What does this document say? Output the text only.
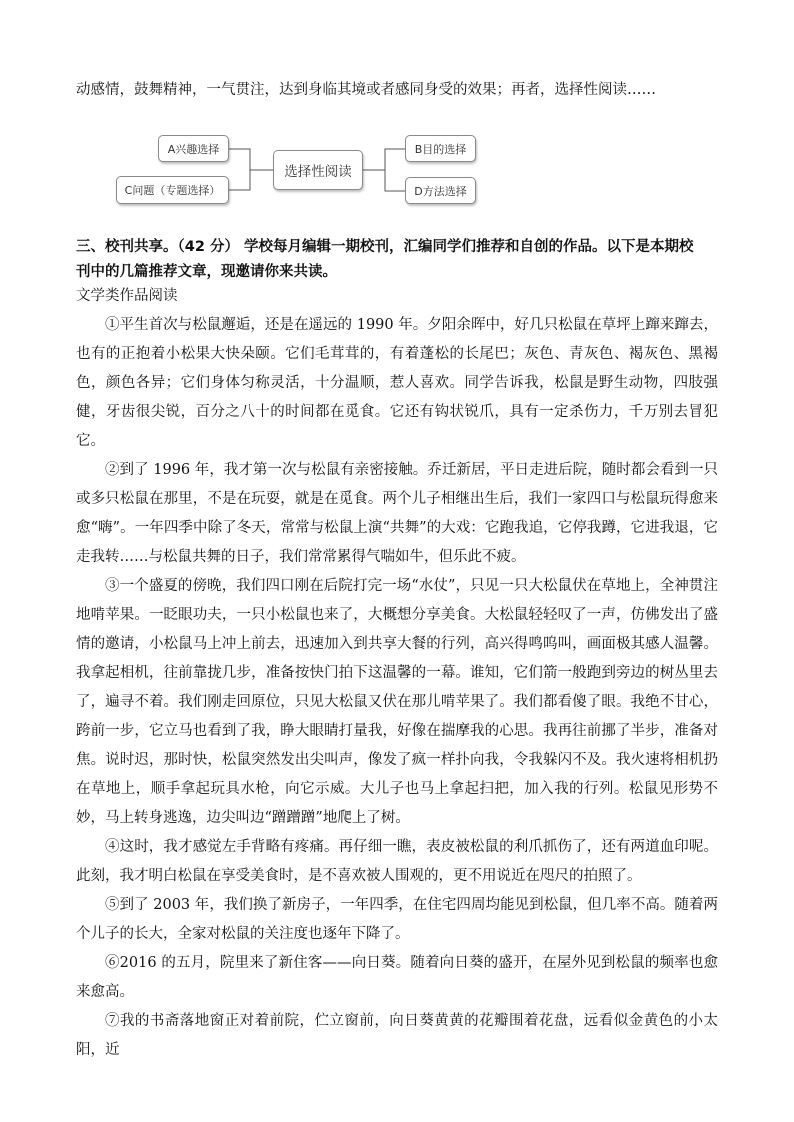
A兴趣选择
C问题（专题选择）
选择性阅读
B目的选择
D方法选择
动感情，鼓舞精神，一气贯注，达到身临其境或者感同身受的效果；再者，选择性阅读……

三、校刊共享。（42 分） 学校每月编辑一期校刊，汇编同学们推荐和自创的作品。以下是本期校

刊中的几篇推荐文章，现邀请你来共读。

文学类作品阅读

①平生首次与松鼠邂逅，还是在遥远的 1990 年。夕阳余晖中，好几只松鼠在草坪上蹿来蹿去，也有的正抱着小松果大快朵颐。它们毛茸茸的，有着蓬松的长尾巴；灰色、青灰色、褐灰色、黑褐色，颜色各异；它们身体匀称灵活，十分温顺，惹人喜欢。同学告诉我，松鼠是野生动物，四肢强健，牙齿很尖锐，百分之八十的时间都在觅食。它还有钩状锐爪，具有一定杀伤力，千万别去冒犯它。

②到了 1996 年，我才第一次与松鼠有亲密接触。乔迁新居，平日走进后院，随时都会看到一只或多只松鼠在那里，不是在玩耍，就是在觅食。两个儿子相继出生后，我们一家四口与松鼠玩得愈来愈“嗨”。一年四季中除了冬天，常常与松鼠上演“共舞”的大戏：它跑我追，它停我蹲，它进我退，它走我转……与松鼠共舞的日子，我们常常累得气喘如牛，但乐此不疲。

③一个盛夏的傍晚，我们四口刚在后院打完一场“水仗”，只见一只大松鼠伏在草地上，全神贯注地啃苹果。一眨眼功夫，一只小松鼠也来了，大概想分享美食。大松鼠轻轻叹了一声，仿佛发出了盛情的邀请，小松鼠马上冲上前去，迅速加入到共享大餐的行列，高兴得鸣呜叫，画面极其感人温馨。我拿起相机，往前靠拢几步，准备按快门拍下这温馨的一幕。谁知，它们箭一般跑到旁边的树丛里去了，遍寻不着。我们刚走回原位，只见大松鼠又伏在那儿啃苹果了。我们都看傻了眼。我绝不甘心，跨前一步，它立马也看到了我，睁大眼睛打量我，好像在揣摩我的心思。我再往前挪了半步，准备对焦。说时迟，那时快，松鼠突然发出尖叫声，像发了疯一样扑向我，令我躲闪不及。我火速将相机扔在草地上，顺手拿起玩具水枪，向它示威。大儿子也马上拿起扫把，加入我的行列。松鼠见形势不妙，马上转身逃逸，边尖叫边“蹭蹭蹭”地爬上了树。

④这时，我才感觉左手背略有疼痛。再仔细一瞧，表皮被松鼠的利爪抓伤了，还有两道血印呢。此刻，我才明白松鼠在享受美食时，是不喜欢被人围观的，更不用说近在咫尺的拍照了。

⑤到了 2003 年，我们换了新房子，一年四季，在住宅四周均能见到松鼠，但几率不高。随着两个儿子的长大，全家对松鼠的关注度也逐年下降了。

⑥2016 的五月，院里来了新住客——向日葵。随着向日葵的盛开，在屋外见到松鼠的频率也愈来愈高。

⑦我的书斋落地窗正对着前院，伫立窗前，向日葵黄黄的花瓣围着花盘，远看似金黄色的小太阳，近
